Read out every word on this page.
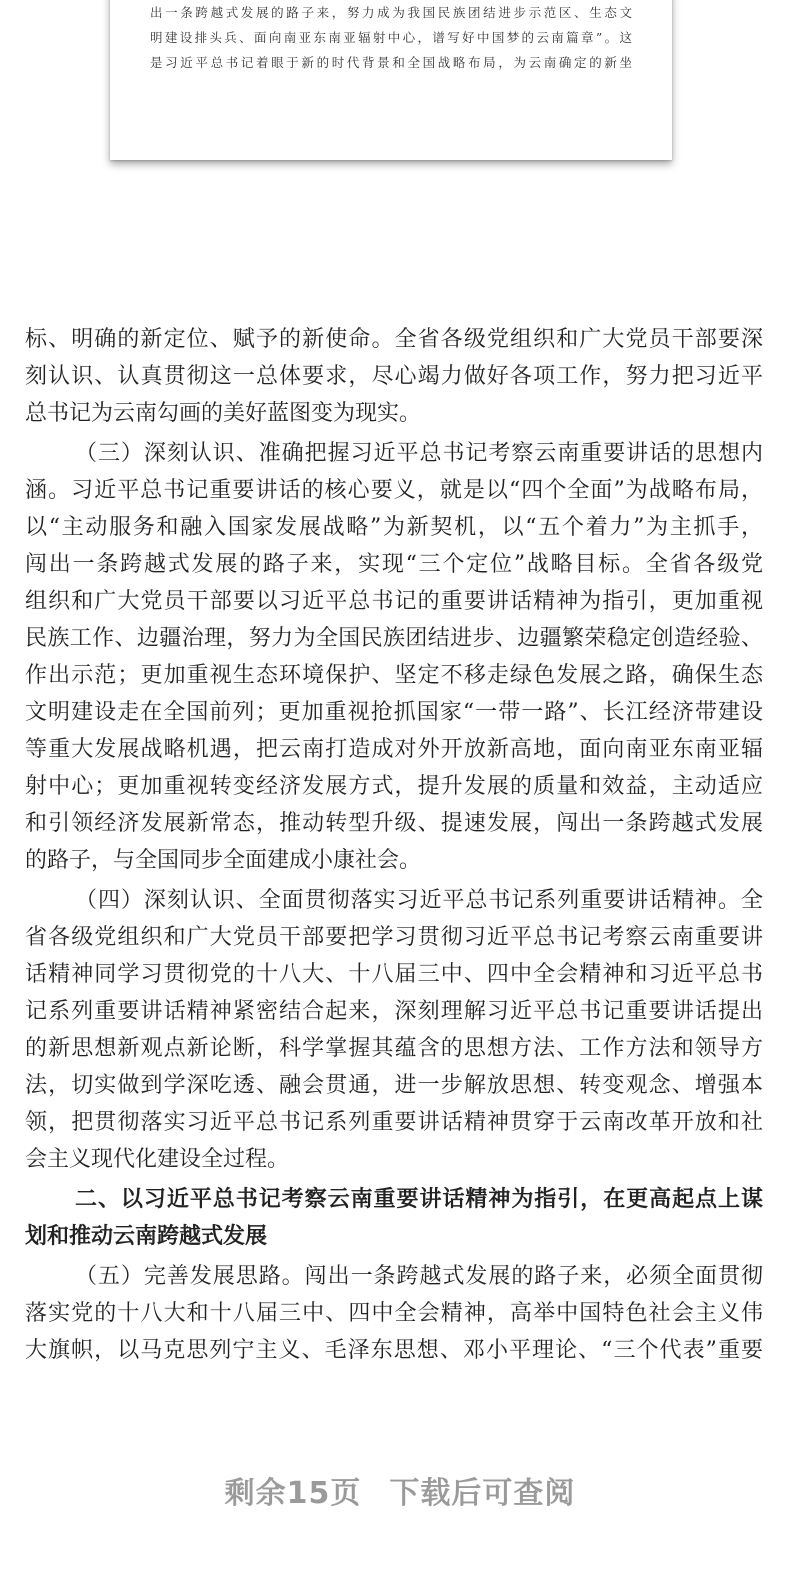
出一条跨越式发展的路子来，努力成为我国民族团结进步示范区、生态文
明建设排头兵、面向南亚东南亚辐射中心，谱写好中国梦的云南篇章”。这
是习近平总书记着眼于新的时代背景和全国战略布局，为云南确定的新坐
标、明确的新定位、赋予的新使命。全省各级党组织和广大党员干部要深
刻认识、认真贯彻这一总体要求，尽心竭力做好各项工作，努力把习近平
总书记为云南勾画的美好蓝图变为现实。
（三）深刻认识、准确把握习近平总书记考察云南重要讲话的思想内
涵。习近平总书记重要讲话的核心要义，就是以“四个全面”为战略布局，
以“主动服务和融入国家发展战略”为新契机，以“五个着力”为主抓手，
闯出一条跨越式发展的路子来，实现“三个定位”战略目标。全省各级党
组织和广大党员干部要以习近平总书记的重要讲话精神为指引，更加重视
民族工作、边疆治理，努力为全国民族团结进步、边疆繁荣稳定创造经验、
作出示范；更加重视生态环境保护、坚定不移走绿色发展之路，确保生态
文明建设走在全国前列；更加重视抢抓国家“一带一路”、长江经济带建设
等重大发展战略机遇，把云南打造成对外开放新高地，面向南亚东南亚辐
射中心；更加重视转变经济发展方式，提升发展的质量和效益，主动适应
和引领经济发展新常态，推动转型升级、提速发展，闯出一条跨越式发展
的路子，与全国同步全面建成小康社会。
（四）深刻认识、全面贯彻落实习近平总书记系列重要讲话精神。全
省各级党组织和广大党员干部要把学习贯彻习近平总书记考察云南重要讲
话精神同学习贯彻党的十八大、十八届三中、四中全会精神和习近平总书
记系列重要讲话精神紧密结合起来，深刻理解习近平总书记重要讲话提出
的新思想新观点新论断，科学掌握其蕴含的思想方法、工作方法和领导方
法，切实做到学深吃透、融会贯通，进一步解放思想、转变观念、增强本
领，把贯彻落实习近平总书记系列重要讲话精神贯穿于云南改革开放和社
会主义现代化建设全过程。
二、以习近平总书记考察云南重要讲话精神为指引，在更高起点上谋
划和推动云南跨越式发展
（五）完善发展思路。闯出一条跨越式发展的路子来，必须全面贯彻
落实党的十八大和十八届三中、四中全会精神，高举中国特色社会主义伟
大旗帜，以马克思列宁主义、毛泽东思想、邓小平理论、“三个代表”重要
剩余15页 下载后可查阅
